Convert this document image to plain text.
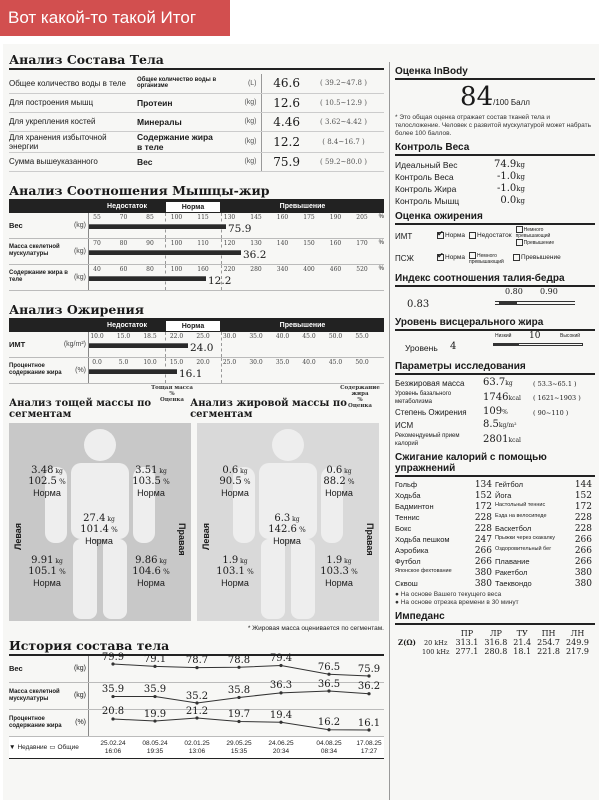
Вот какой-то такой Итог
Анализ Состава Тела
Общее количество воды в теле	Общее количество воды в организме	(L)	46.6	( 39.2~47.8 )
Для построения мышц	Протеин	(kg)	12.6	( 10.5~12.9 )
Для укрепления костей	Минералы	(kg)	4.46	( 3.62~4.42 )
Для хранения избыточной энергии	Содержание жира в теле	(kg)	12.2	( 8.4~16.7 )
Сумма вышеуказанного	Вес	(kg)	75.9	( 59.2~80.0 )
Анализ Соотношения Мышцы-жир
Недостаток	Норма	Превышение
Вес	(kg)
55	70	85	100	115	130	145	160	175	190	205
75.9
%
Масса скелетной мускулатуры	(kg)
70	80	90	100	110	120	130	140	150	160	170
36.2
%
Содержание жира в теле	(kg)
40	60	80	100	160	220	280	340	400	460	520
12.2
%
Анализ Ожирения
Недостаток	Норма	Превышение
ИМТ	(kg/m²)
10.0 15.0 18.5 22.0 25.0 30.0 35.0 40.0 45.0 50.0 55.0
24.0
Процентное содержание жира	(%)
0.0	5.0	10.0 15.0 20.0 25.0 30.0 35.0 40.0 45.0 50.0
16.1
Тощая масса
%
Оценка
Содержание жира
%
Оценка
Анализ тощей массы по сегментам
Анализ жировой массы по сегментам
3.48 kg
102.5 %
Норма
3.51 kg
103.5 %
Норма
27.4 kg
101.4 %
Норма
9.91 kg
105.1 %
Норма
9.86 kg
104.6 %
Норма
Левая	Правая
0.6 kg
90.5 %
Норма
0.6 kg
88.2 %
Норма
6.3 kg
142.6 %
Норма
1.9 kg
103.1 %
Норма
1.9 kg
103.3 %
Норма
Левая	Правая
* Жировая масса оценивается по сегментам.
История состава тела
Вес	(kg)
79.9 79.1 78.7 78.8 79.4
76.5 75.9
Масса скелетной мускулатуры	(kg)
35.9 35.9
35.2
35.8 36.3	36.5 36.2
Процентное содержание жира	(%)
20.8 19.9 21.2 19.7 19.4
16.2 16.1
▼ Недавние ▭ Общие
25.02.24 16:06
08.05.24 19:35
02.01.25 13:06
29.05.25 15:35
24.06.25 20:34
04.08.25 08:34
17.08.25 17:27
Оценка InBody
84/100 Балл
* Это общая оценка отражает состав тканей тела и телосложение. Человек с развитой мускулатурой может набрать более 100 баллов.
Контроль Веса
Идеальный Вес	74.9kg
Контроль Веса	-1.0kg
Контроль Жира	-1.0kg
Контроль Мышц	0.0kg
Оценка ожирения
ИМТ ✔	Норма	Недостаток
Немного превышающий
Превышение
ПСЖ ✔	Норма	Немного превышающий	Превышение
Индекс соотношения талия-бедра
0.83
0.80 0.90
Уровень висцерального жира
Уровень 4
Низкий 10	Высокий
Параметры исследования
Безжировая масса	63.7kg	( 53.3~65.1 )
Уровень базального метаболизма	1746kcal	( 1621~1903 )
Степень Ожирения	109%	( 90~110 )
ИСМ	8.5kg/m²
Рекомендуемый прием калорий	2801kcal
Сжигание калорий с помощью упражнений
Гольф	134 Гейтбол	144
Ходьба	152 Йога	152
Бадминтон	172 Настольный теннис	172
Теннис	228 Езда на велосипеде	228
Бокс	228 Баскетбол	228
Ходьба пешком	247 Прыжки через скакалку	266
Аэробика	266 Оздоровительный бег	266
Футбол	266 Плавание	266
Японское фехтование	380 Ракетбол	380
Сквош	380 Таеквондо	380
● На основе Вашего текущего веса
● На основе отрезка времени в 30 минут
Импеданс
		ПР	ЛР	ТУ	ПН	ЛН
Z(Ω)	20 kHz	313.1	316.8	21.4	254.7	249.9
	100 kHz	277.1	280.8	18.1	221.8	217.9
